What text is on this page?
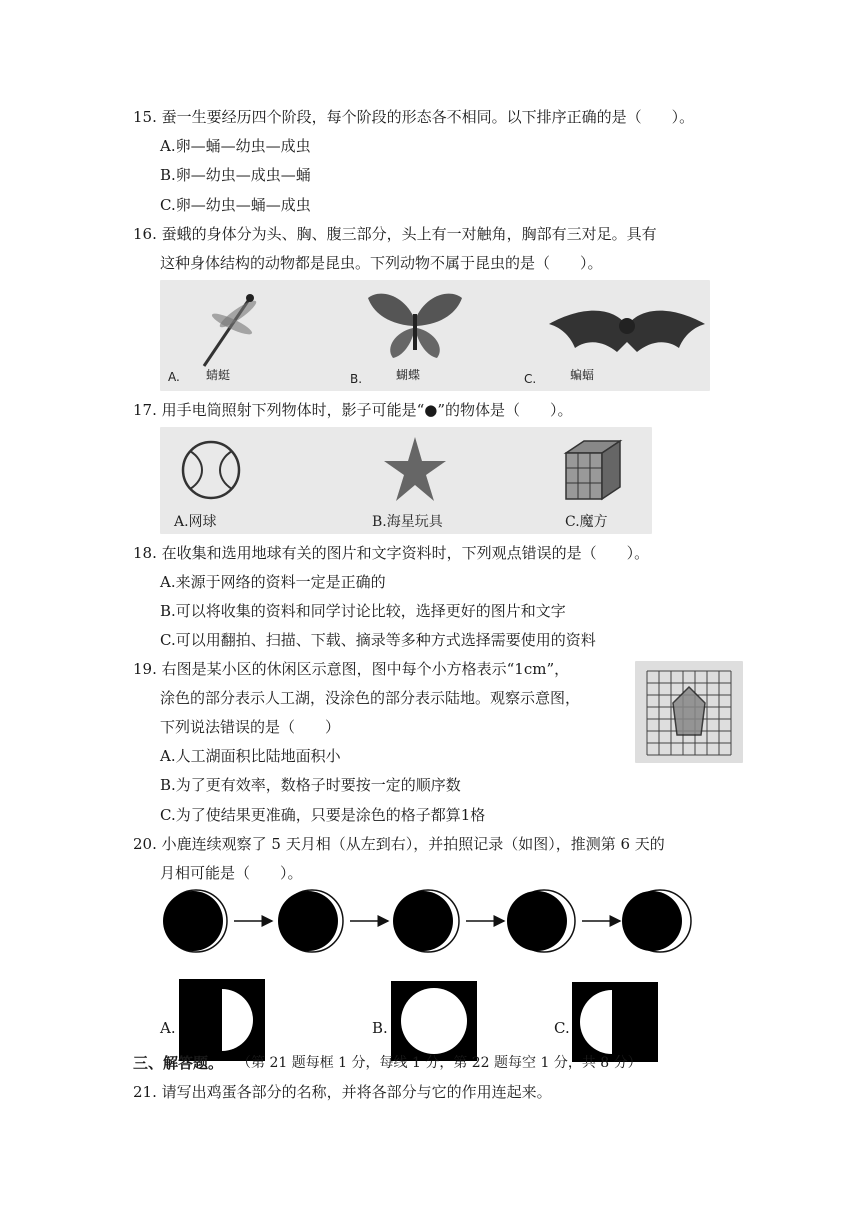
15. 蚕一生要经历四个阶段，每个阶段的形态各不相同。以下排序正确的是（　　）。
A.卵—蛹—幼虫—成虫
B.卵—幼虫—成虫—蛹
C.卵—幼虫—蛹—成虫
16. 蚕蛾的身体分为头、胸、腹三部分，头上有一对触角，胸部有三对足。具有
这种身体结构的动物都是昆虫。下列动物不属于昆虫的是（　　）。
A. 蜻蜓	B.	蝴蝶	C.	蝙蝠
17. 用手电筒照射下列物体时，影子可能是“●”的物体是（　　）。
A.网球	B.海星玩具	C.魔方
18. 在收集和选用地球有关的图片和文字资料时，下列观点错误的是（　　）。
A.来源于网络的资料一定是正确的
B.可以将收集的资料和同学讨论比较，选择更好的图片和文字
C.可以用翻拍、扫描、下载、摘录等多种方式选择需要使用的资料
19. 右图是某小区的休闲区示意图，图中每个小方格表示“1cm”，
涂色的部分表示人工湖，没涂色的部分表示陆地。观察示意图，
下列说法错误的是（　　）
A.人工湖面积比陆地面积小
B.为了更有效率，数格子时要按一定的顺序数
C.为了使结果更准确，只要是涂色的格子都算1格
20. 小鹿连续观察了 5 天月相（从左到右），并拍照记录（如图），推测第 6 天的
月相可能是（　　）。
A.	B.	C.
三、解答题。 （第 21 题每框 1 分，每线 1 分，第 22 题每空 1 分，共 8 分）
21. 请写出鸡蛋各部分的名称，并将各部分与它的作用连起来。
